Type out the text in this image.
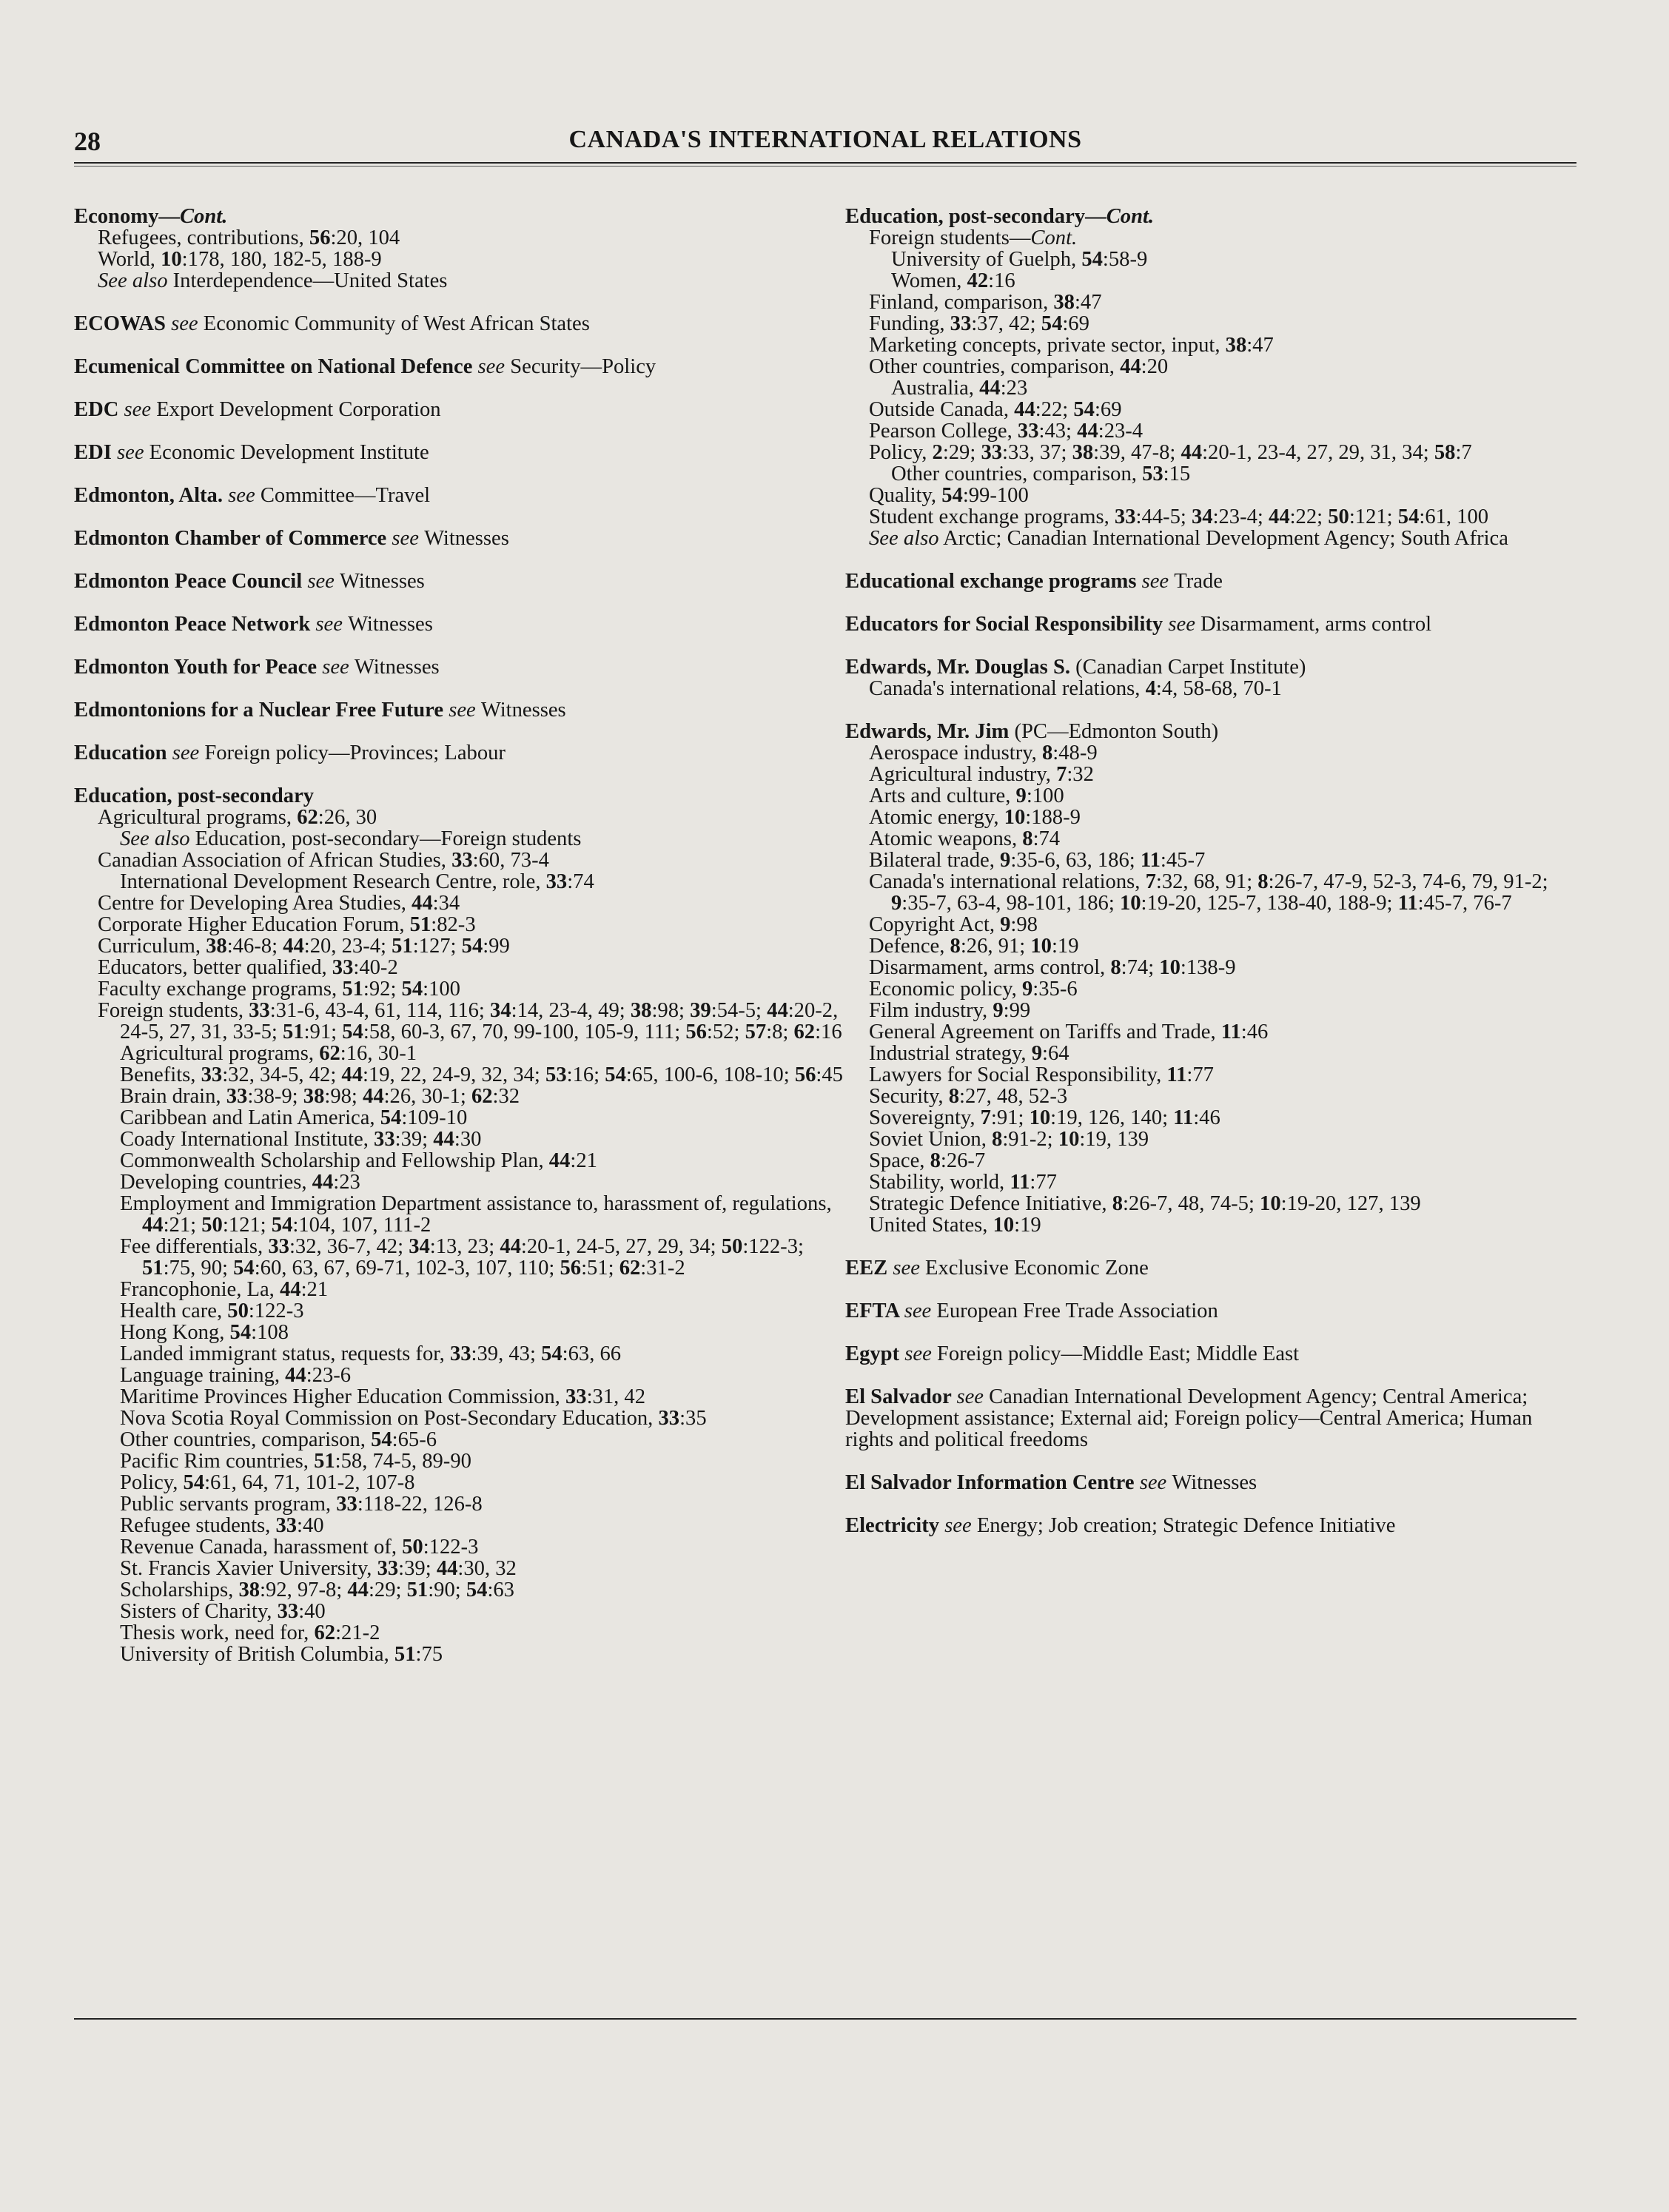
28	CANADA'S INTERNATIONAL RELATIONS
Economy—Cont.
Refugees, contributions, 56:20, 104
World, 10:178, 180, 182-5, 188-9
See also Interdependence—United States
ECOWAS see Economic Community of West African States
Ecumenical Committee on National Defence see Security—Policy
EDC see Export Development Corporation
EDI see Economic Development Institute
Edmonton, Alta. see Committee—Travel
Edmonton Chamber of Commerce see Witnesses
Edmonton Peace Council see Witnesses
Edmonton Peace Network see Witnesses
Edmonton Youth for Peace see Witnesses
Edmontonions for a Nuclear Free Future see Witnesses
Education see Foreign policy—Provinces; Labour
Education, post-secondary
Agricultural programs, 62:26, 30
See also Education, post-secondary—Foreign students
Canadian Association of African Studies, 33:60, 73-4
International Development Research Centre, role, 33:74
Centre for Developing Area Studies, 44:34
Corporate Higher Education Forum, 51:82-3
Curriculum, 38:46-8; 44:20, 23-4; 51:127; 54:99
Educators, better qualified, 33:40-2
Faculty exchange programs, 51:92; 54:100
Foreign students, 33:31-6, 43-4, 61, 114, 116; 34:14, 23-4, 49; 38:98; 39:54-5; 44:20-2, 24-5, 27, 31, 33-5; 51:91; 54:58, 60-3, 67, 70, 99-100, 105-9, 111; 56:52; 57:8; 62:16
Agricultural programs, 62:16, 30-1
Benefits, 33:32, 34-5, 42; 44:19, 22, 24-9, 32, 34; 53:16; 54:65, 100-6, 108-10; 56:45
Brain drain, 33:38-9; 38:98; 44:26, 30-1; 62:32
Caribbean and Latin America, 54:109-10
Coady International Institute, 33:39; 44:30
Commonwealth Scholarship and Fellowship Plan, 44:21
Developing countries, 44:23
Employment and Immigration Department assistance to, harassment of, regulations, 44:21; 50:121; 54:104, 107, 111-2
Fee differentials, 33:32, 36-7, 42; 34:13, 23; 44:20-1, 24-5, 27, 29, 34; 50:122-3; 51:75, 90; 54:60, 63, 67, 69-71, 102-3, 107, 110; 56:51; 62:31-2
Francophonie, La, 44:21
Health care, 50:122-3
Hong Kong, 54:108
Landed immigrant status, requests for, 33:39, 43; 54:63, 66
Language training, 44:23-6
Maritime Provinces Higher Education Commission, 33:31, 42
Nova Scotia Royal Commission on Post-Secondary Education, 33:35
Other countries, comparison, 54:65-6
Pacific Rim countries, 51:58, 74-5, 89-90
Policy, 54:61, 64, 71, 101-2, 107-8
Public servants program, 33:118-22, 126-8
Refugee students, 33:40
Revenue Canada, harassment of, 50:122-3
St. Francis Xavier University, 33:39; 44:30, 32
Scholarships, 38:92, 97-8; 44:29; 51:90; 54:63
Sisters of Charity, 33:40
Thesis work, need for, 62:21-2
University of British Columbia, 51:75
Education, post-secondary—Cont.
Foreign students—Cont.
University of Guelph, 54:58-9
Women, 42:16
Finland, comparison, 38:47
Funding, 33:37, 42; 54:69
Marketing concepts, private sector, input, 38:47
Other countries, comparison, 44:20
Australia, 44:23
Outside Canada, 44:22; 54:69
Pearson College, 33:43; 44:23-4
Policy, 2:29; 33:33, 37; 38:39, 47-8; 44:20-1, 23-4, 27, 29, 31, 34; 58:7
Other countries, comparison, 53:15
Quality, 54:99-100
Student exchange programs, 33:44-5; 34:23-4; 44:22; 50:121; 54:61, 100
See also Arctic; Canadian International Development Agency; South Africa
Educational exchange programs see Trade
Educators for Social Responsibility see Disarmament, arms control
Edwards, Mr. Douglas S. (Canadian Carpet Institute)
Canada's international relations, 4:4, 58-68, 70-1
Edwards, Mr. Jim (PC—Edmonton South)
Aerospace industry, 8:48-9
Agricultural industry, 7:32
Arts and culture, 9:100
Atomic energy, 10:188-9
Atomic weapons, 8:74
Bilateral trade, 9:35-6, 63, 186; 11:45-7
Canada's international relations, 7:32, 68, 91; 8:26-7, 47-9, 52-3, 74-6, 79, 91-2; 9:35-7, 63-4, 98-101, 186; 10:19-20, 125-7, 138-40, 188-9; 11:45-7, 76-7
Copyright Act, 9:98
Defence, 8:26, 91; 10:19
Disarmament, arms control, 8:74; 10:138-9
Economic policy, 9:35-6
Film industry, 9:99
General Agreement on Tariffs and Trade, 11:46
Industrial strategy, 9:64
Lawyers for Social Responsibility, 11:77
Security, 8:27, 48, 52-3
Sovereignty, 7:91; 10:19, 126, 140; 11:46
Soviet Union, 8:91-2; 10:19, 139
Space, 8:26-7
Stability, world, 11:77
Strategic Defence Initiative, 8:26-7, 48, 74-5; 10:19-20, 127, 139
United States, 10:19
EEZ see Exclusive Economic Zone
EFTA see European Free Trade Association
Egypt see Foreign policy—Middle East; Middle East
El Salvador see Canadian International Development Agency; Central America; Development assistance; External aid; Foreign policy—Central America; Human rights and political freedoms
El Salvador Information Centre see Witnesses
Electricity see Energy; Job creation; Strategic Defence Initiative
